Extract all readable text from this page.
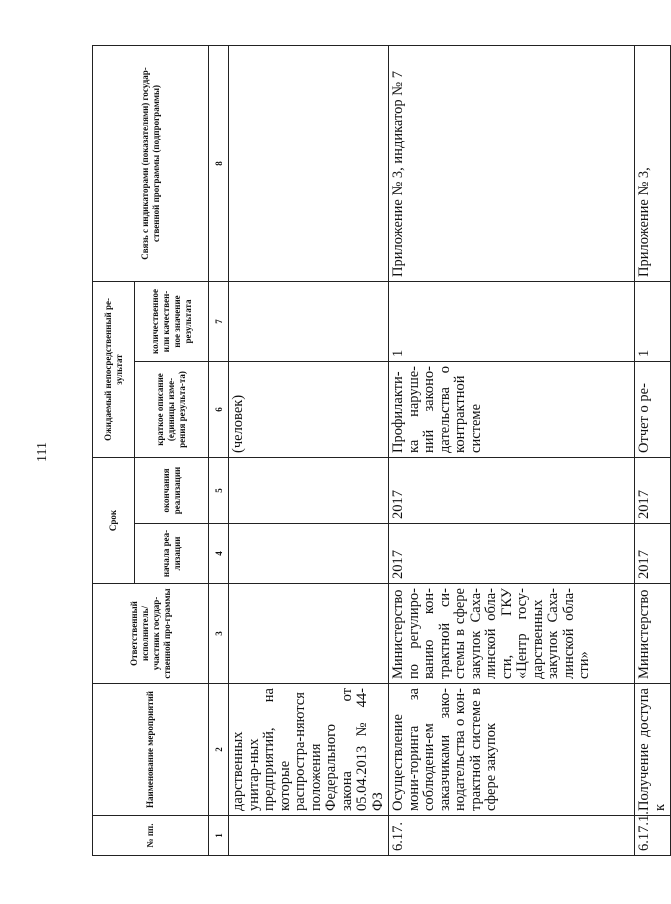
111
№ пп.	Наименование мероприятий	Ответственный исполнитель/ участник государ-ственной про-граммы	Срок		Ожидаемый непосредственный ре-зультат		Связь с индикаторами (показателями) государ-ственной программы (подпрограммы)
			начала реа-лизации	окончания реализации	краткое описание (единицы изме-рения результа-та)	количественное или качествен-ное значение результата	
1	2	3	4	5	6	7	8
	дарственных унитар-ных предприятий, на которые распростра-няются положения Федерального закона от 05.04.2013 № 44-ФЗ				(человек)		
6.17.	Осуществление мони-торинга за соблюдени-ем заказчиками зако-нодательства о кон-трактной системе в сфере закупок	Министерство по регулиро-ванию кон-трактной си-стемы в сфере закупок Саха-линской обла-сти, ГКУ «Центр госу-дарственных закупок Саха-линской обла-сти»	2017	2017	Профилакти-ка наруше-ний законо-дательства о контрактной системе	1	Приложение № 3, индикатор № 7
6.17.1.	Получение доступа к	Министерство	2017	2017	Отчет о ре-	1	Приложение № 3,
